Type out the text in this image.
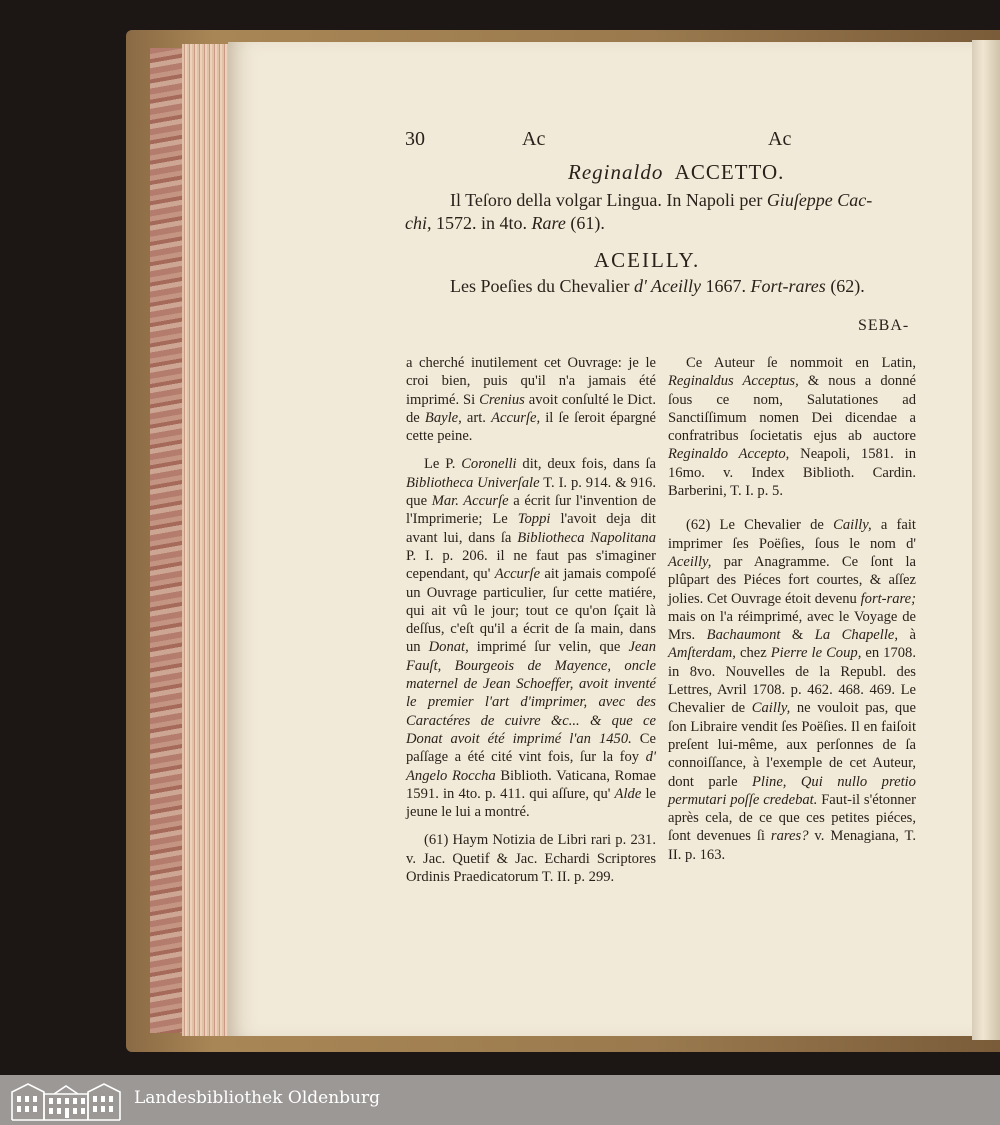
30	Ac	Ac
Reginaldo ACCETTO.
Il Teſoro della volgar Lingua. In Napoli per Giuſeppe Cac-
chi, 1572. in 4to. Rare (61).
ACEILLY.
Les Poeſies du Chevalier d' Aceilly 1667. Fort-rares (62).
SEBA-

a cherché inutilement cet Ouvrage: je le croi bien, puis qu'il n'a jamais été imprimé. Si Crenius avoit conſulté le Dict. de Bayle, art. Accurſe, il ſe ſeroit épargné cette peine.

Le P. Coronelli dit, deux fois, dans ſa Bibliotheca Univerſale T. I. p. 914. & 916. que Mar. Accurſe a écrit ſur l'invention de l'Imprimerie; Le Toppi l'avoit deja dit avant lui, dans ſa Bibliotheca Napolitana P. I. p. 206. il ne faut pas s'imaginer cependant, qu' Accurſe ait jamais compoſé un Ouvrage particulier, ſur cette matiére, qui ait vû le jour; tout ce qu'on ſçait là deſſus, c'eſt qu'il a écrit de ſa main, dans un Donat, imprimé ſur velin, que Jean Fauſt, Bourgeois de Mayence, oncle maternel de Jean Schoeffer, avoit inventé le premier l'art d'imprimer, avec des Caractéres de cuivre &c... & que ce Donat avoit été imprimé l'an 1450. Ce paſſage a été cité vint fois, ſur la foy d' Angelo Roccha Biblioth. Vaticana, Romae 1591. in 4to. p. 411. qui aſſure, qu' Alde le jeune le lui a montré.

(61) Haym Notizia de Libri rari p. 231. v. Jac. Quetif & Jac. Echardi Scriptores Ordinis Praedicatorum T. II. p. 299.

Ce Auteur ſe nommoit en Latin, Reginaldus Acceptus, & nous a donné ſous ce nom, Salutationes ad Sanctiſſimum nomen Dei dicendae a confratribus ſocietatis ejus ab auctore Reginaldo Accepto, Neapoli, 1581. in 16mo. v. Index Biblioth. Cardin. Barberini, T. I. p. 5.

(62) Le Chevalier de Cailly, a fait imprimer ſes Poëſies, ſous le nom d' Aceilly, par Anagramme. Ce ſont la plûpart des Piéces fort courtes, & aſſez jolies. Cet Ouvrage étoit devenu fort-rare; mais on l'a réimprimé, avec le Voyage de Mrs. Bachaumont & La Chapelle, à Amſterdam, chez Pierre le Coup, en 1708. in 8vo. Nouvelles de la Republ. des Lettres, Avril 1708. p. 462. 468. 469. Le Chevalier de Cailly, ne vouloit pas, que ſon Libraire vendit ſes Poëſies. Il en faiſoit preſent lui-même, aux perſonnes de ſa connoiſſance, à l'exemple de cet Auteur, dont parle Pline, Qui nullo pretio permutari poſſe credebat. Faut-il s'étonner après cela, de ce que ces petites piéces, ſont devenues ſi rares? v. Menagiana, T. II. p. 163.

Landesbibliothek Oldenburg
